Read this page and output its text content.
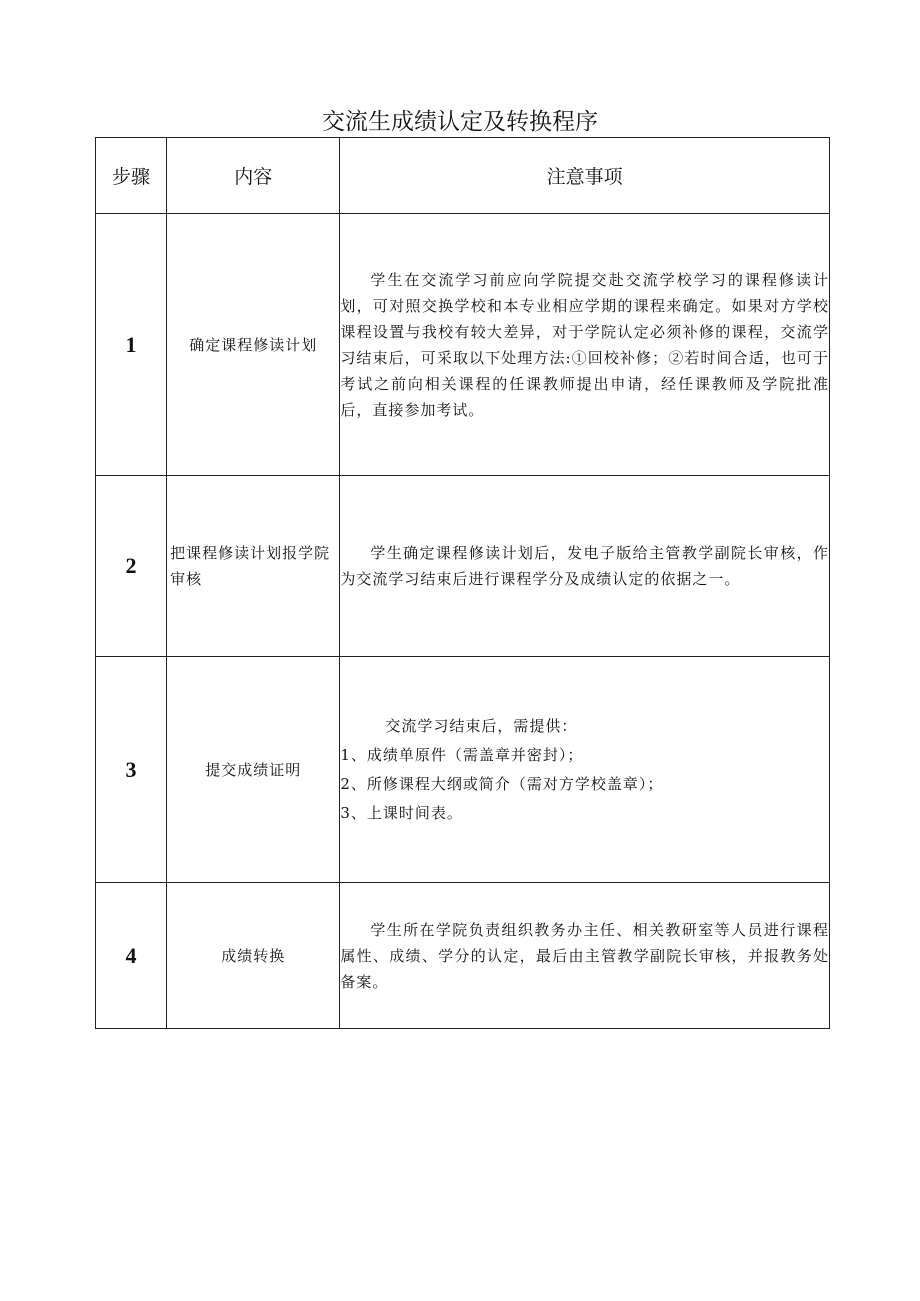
交流生成绩认定及转换程序
步骤	内容	注意事项
1	确定课程修读计划	学生在交流学习前应向学院提交赴交流学校学习的课程修读计划，可对照交换学校和本专业相应学期的课程来确定。如果对方学校课程设置与我校有较大差异，对于学院认定必须补修的课程，交流学习结束后，可采取以下处理方法:①回校补修；②若时间合适，也可于考试之前向相关课程的任课教师提出申请，经任课教师及学院批准后，直接参加考试。

2	把课程修读计划报学院审核	学生确定课程修读计划后，发电子版给主管教学副院长审核，作为交流学习结束后进行课程学分及成绩认定的依据之一。

3	提交成绩证明	交流学习结束后，需提供：

1、成绩单原件（需盖章并密封）；

2、所修课程大纲或简介（需对方学校盖章）；

3、上课时间表。

4	成绩转换	学生所在学院负责组织教务办主任、相关教研室等人员进行课程属性、成绩、学分的认定，最后由主管教学副院长审核，并报教务处备案。
